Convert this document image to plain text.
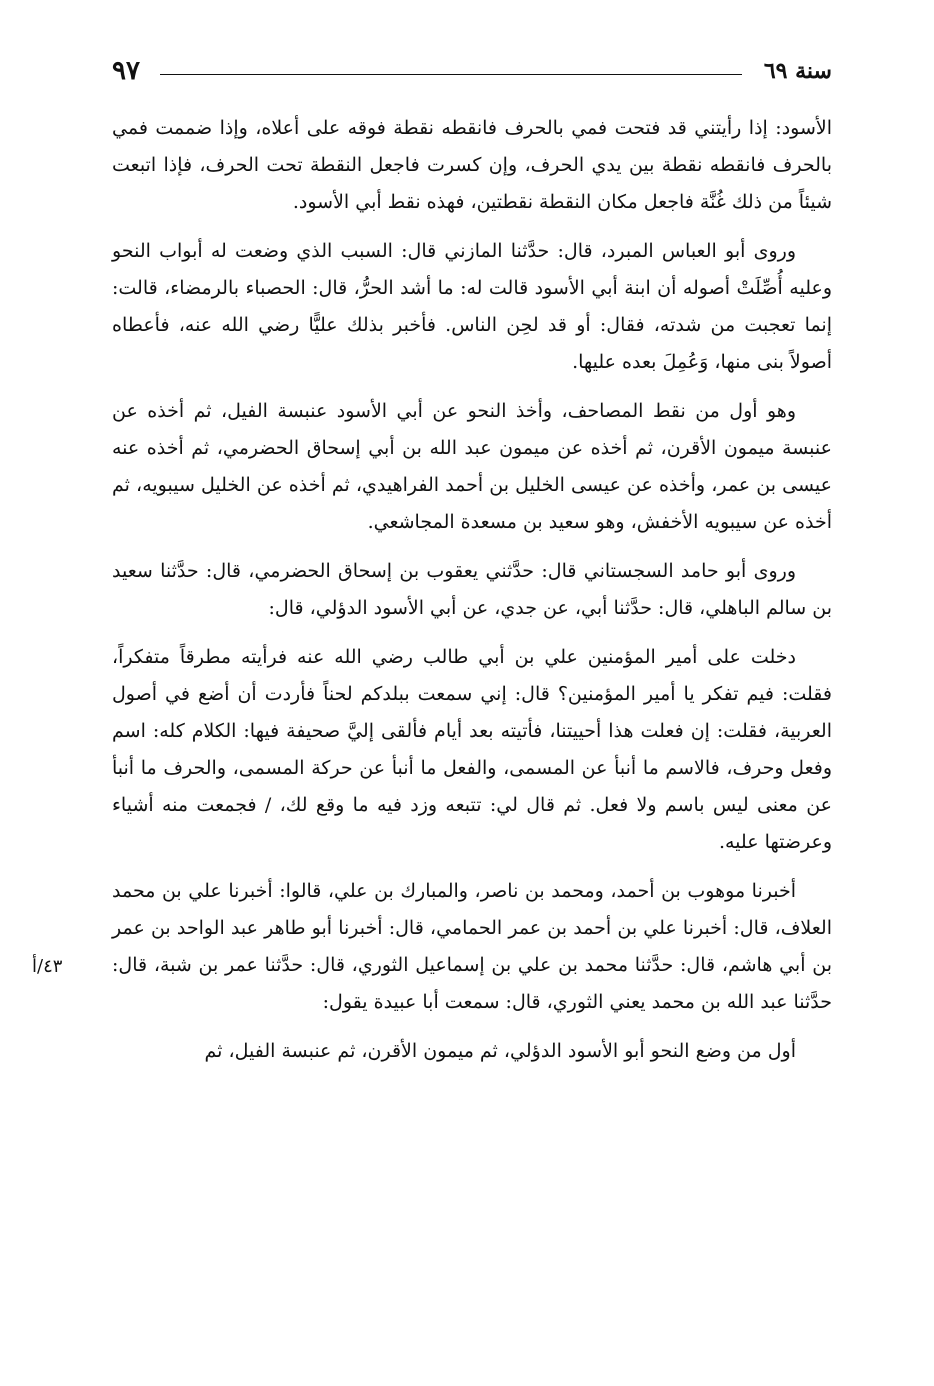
٩٧	سنة ٦٩
٤٣/أ

الأسود: إذا رأيتني قد فتحت فمي بالحرف فانقطه نقطة فوقه على أعلاه، وإذا ضممت فمي بالحرف فانقطه نقطة بين يدي الحرف، وإن كسرت فاجعل النقطة تحت الحرف، فإذا اتبعت شيئاً من ذلك غُنَّة فاجعل مكان النقطة نقطتين، فهذه نقط أبي الأسود.

وروى أبو العباس المبرد، قال: حدَّثنا المازني قال: السبب الذي وضعت له أبواب النحو وعليه أُصِّلَتْ أصوله أن ابنة أبي الأسود قالت له: ما أشد الحرُّ، قال: الحصباء بالرمضاء، قالت: إنما تعجبت من شدته، فقال: أو قد لحِن الناس. فأخبر بذلك عليًّا رضي الله عنه، فأعطاه أصولاً بنى منها، وَعُمِلَ بعده عليها.

وهو أول من نقط المصاحف، وأخذ النحو عن أبي الأسود عنبسة الفيل، ثم أخذه عن عنبسة ميمون الأقرن، ثم أخذه عن ميمون عبد الله بن أبي إسحاق الحضرمي، ثم أخذه عنه عيسى بن عمر، وأخذه عن عيسى الخليل بن أحمد الفراهيدي، ثم أخذه عن الخليل سيبويه، ثم أخذه عن سيبويه الأخفش، وهو سعيد بن مسعدة المجاشعي.

وروى أبو حامد السجستاني قال: حدَّثني يعقوب بن إسحاق الحضرمي، قال: حدَّثنا سعيد بن سالم الباهلي، قال: حدَّثنا أبي، عن جدي، عن أبي الأسود الدؤلي، قال:

دخلت على أمير المؤمنين علي بن أبي طالب رضي الله عنه فرأيته مطرقاً متفكراً، فقلت: فيم تفكر يا أمير المؤمنين؟ قال: إني سمعت ببلدكم لحناً فأردت أن أضع في أصول العربية، فقلت: إن فعلت هذا أحييتنا، فأتيته بعد أيام فألقى إليَّ صحيفة فيها: الكلام كله: اسم وفعل وحرف، فالاسم ما أنبأ عن المسمى، والفعل ما أنبأ عن حركة المسمى، والحرف ما أنبأ عن معنى ليس باسم ولا فعل. ثم قال لي: تتبعه وزد فيه ما وقع لك، / فجمعت منه أشياء وعرضتها عليه.

أخبرنا موهوب بن أحمد، ومحمد بن ناصر، والمبارك بن علي، قالوا: أخبرنا علي بن محمد العلاف، قال: أخبرنا علي بن أحمد بن عمر الحمامي، قال: أخبرنا أبو طاهر عبد الواحد بن عمر بن أبي هاشم، قال: حدَّثنا محمد بن علي بن إسماعيل الثوري، قال: حدَّثنا عمر بن شبة، قال: حدَّثنا عبد الله بن محمد يعني الثوري، قال: سمعت أبا عبيدة يقول:

أول من وضع النحو أبو الأسود الدؤلي، ثم ميمون الأقرن، ثم عنبسة الفيل، ثم
